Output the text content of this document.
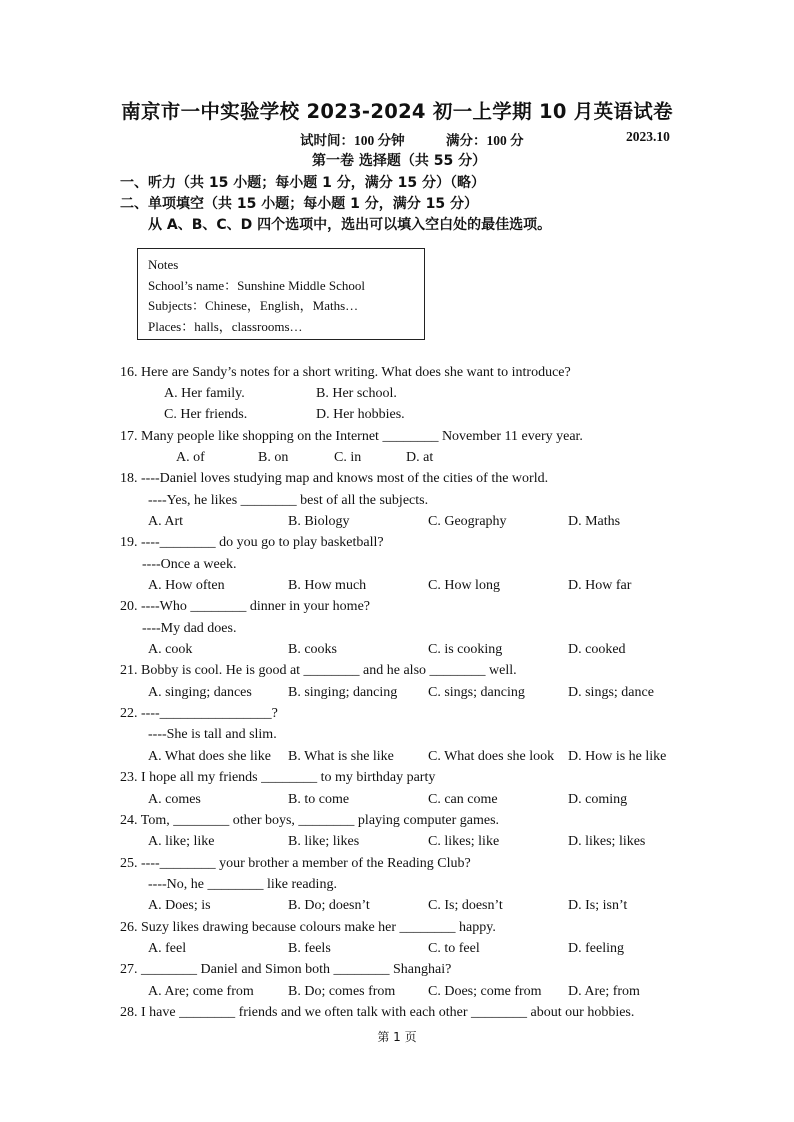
南京市一中实验学校 2023-2024 初一上学期 10 月英语试卷
试时间：100 分钟	满分：100 分	2023.10
第一卷 选择题（共 55 分）
一、听力（共 15 小题；每小题 1 分，满分 15 分）（略）
二、单项填空（共 15 小题；每小题 1 分，满分 15 分）
从 A、B、C、D 四个选项中，选出可以填入空白处的最佳选项。
Notes
School’s name：Sunshine Middle School
Subjects：Chinese，English，Maths…
Places：halls，classrooms…
16. Here are Sandy’s notes for a short writing. What does she want to introduce?
A. Her family.	B. Her school.
C. Her friends.	D. Her hobbies.
17. Many people like shopping on the Internet ________ November 11 every year.
A. of	B. on	C. in	D. at
18. ----Daniel loves studying map and knows most of the cities of the world.
----Yes, he likes ________ best of all the subjects.
A. Art	B. Biology	C. Geography	D. Maths
19. ----________ do you go to play basketball?
----Once a week.
A. How often	B. How much	C. How long	D. How far
20. ----Who ________ dinner in your home?
----My dad does.
A. cook	B. cooks	C. is cooking	D. cooked
21. Bobby is cool. He is good at ________ and he also ________ well.
A. singing; dances	B. singing; dancing C. sings; dancing	D. sings; dance
22. ----________________?
----She is tall and slim.
A. What does she like B. What is she like C. What does she look D. How is he like
23. I hope all my friends ________ to my birthday party
A. comes	B. to come	C. can come	D. coming
24. Tom, ________ other boys, ________ playing computer games.
A. like; like	B. like; likes	C. likes; like	D. likes; likes
25. ----________ your brother a member of the Reading Club?
----No, he ________ like reading.
A. Does; is	B. Do; doesn’t	C. Is; doesn’t	D. Is; isn’t
26. Suzy likes drawing because colours make her ________ happy.
A. feel	B. feels	C. to feel	D. feeling
27. ________ Daniel and Simon both ________ Shanghai?
A. Are; come from B. Do; comes from C. Does; come from D. Are; from
28. I have ________ friends and we often talk with each other ________ about our hobbies.
第 1 页
